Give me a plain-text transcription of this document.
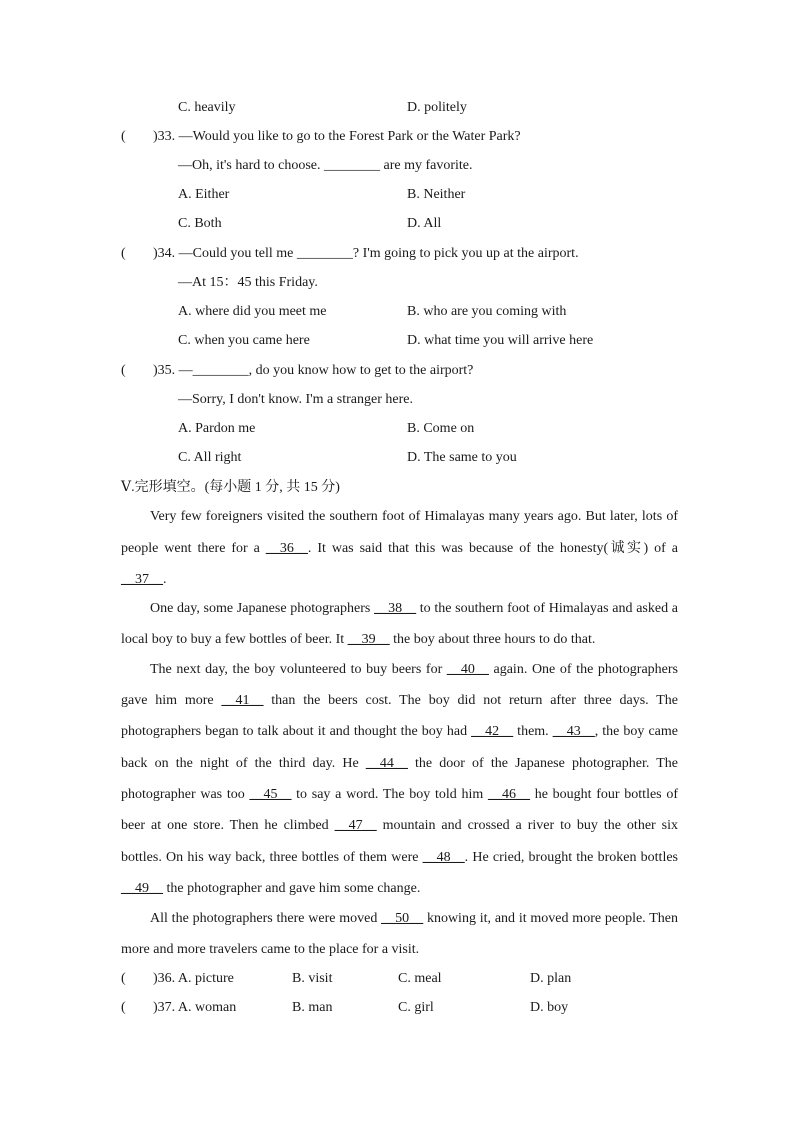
C. heavily	D. politely
( )33. —Would you like to go to the Forest Park or the Water Park?
—Oh, it's hard to choose. ________ are my favorite.
A. Either	B. Neither
C. Both	D. All
( )34. —Could you tell me ________? I'm going to pick you up at the airport.
—At 15：45 this Friday.
A. where did you meet me	B. who are you coming with
C. when you came here	D. what time you will arrive here
( )35. —________, do you know how to get to the airport?
—Sorry, I don't know. I'm a stranger here.
A. Pardon me	B. Come on
C. All right	D. The same to you
Ⅴ.完形填空。(每小题 1 分, 共 15 分)
Very few foreigners visited the southern foot of Himalayas many years ago. But later, lots of
people went there for a __36__. It was said that this was because of the honesty(诚实) of a
__37__.
One day, some Japanese photographers __38__ to the southern foot of Himalayas and asked a
local boy to buy a few bottles of beer. It __39__ the boy about three hours to do that.
The next day, the boy volunteered to buy beers for __40__ again. One of the photographers
gave him more __41__ than the beers cost. The boy did not return after three days. The
photographers began to talk about it and thought the boy had __42__ them. __43__, the boy came
back on the night of the third day. He __44__ the door of the Japanese photographer. The
photographer was too __45__ to say a word. The boy told him __46__ he bought four bottles of
beer at one store. Then he climbed __47__ mountain and crossed a river to buy the other six
bottles. On his way back, three bottles of them were __48__. He cried, brought the broken bottles
__49__ the photographer and gave him some change.
All the photographers there were moved __50__ knowing it, and it moved more people. Then
more and more travelers came to the place for a visit.
( )36. A. picture	B. visit	C. meal	D. plan
( )37. A. woman	B. man	C. girl	D. boy
